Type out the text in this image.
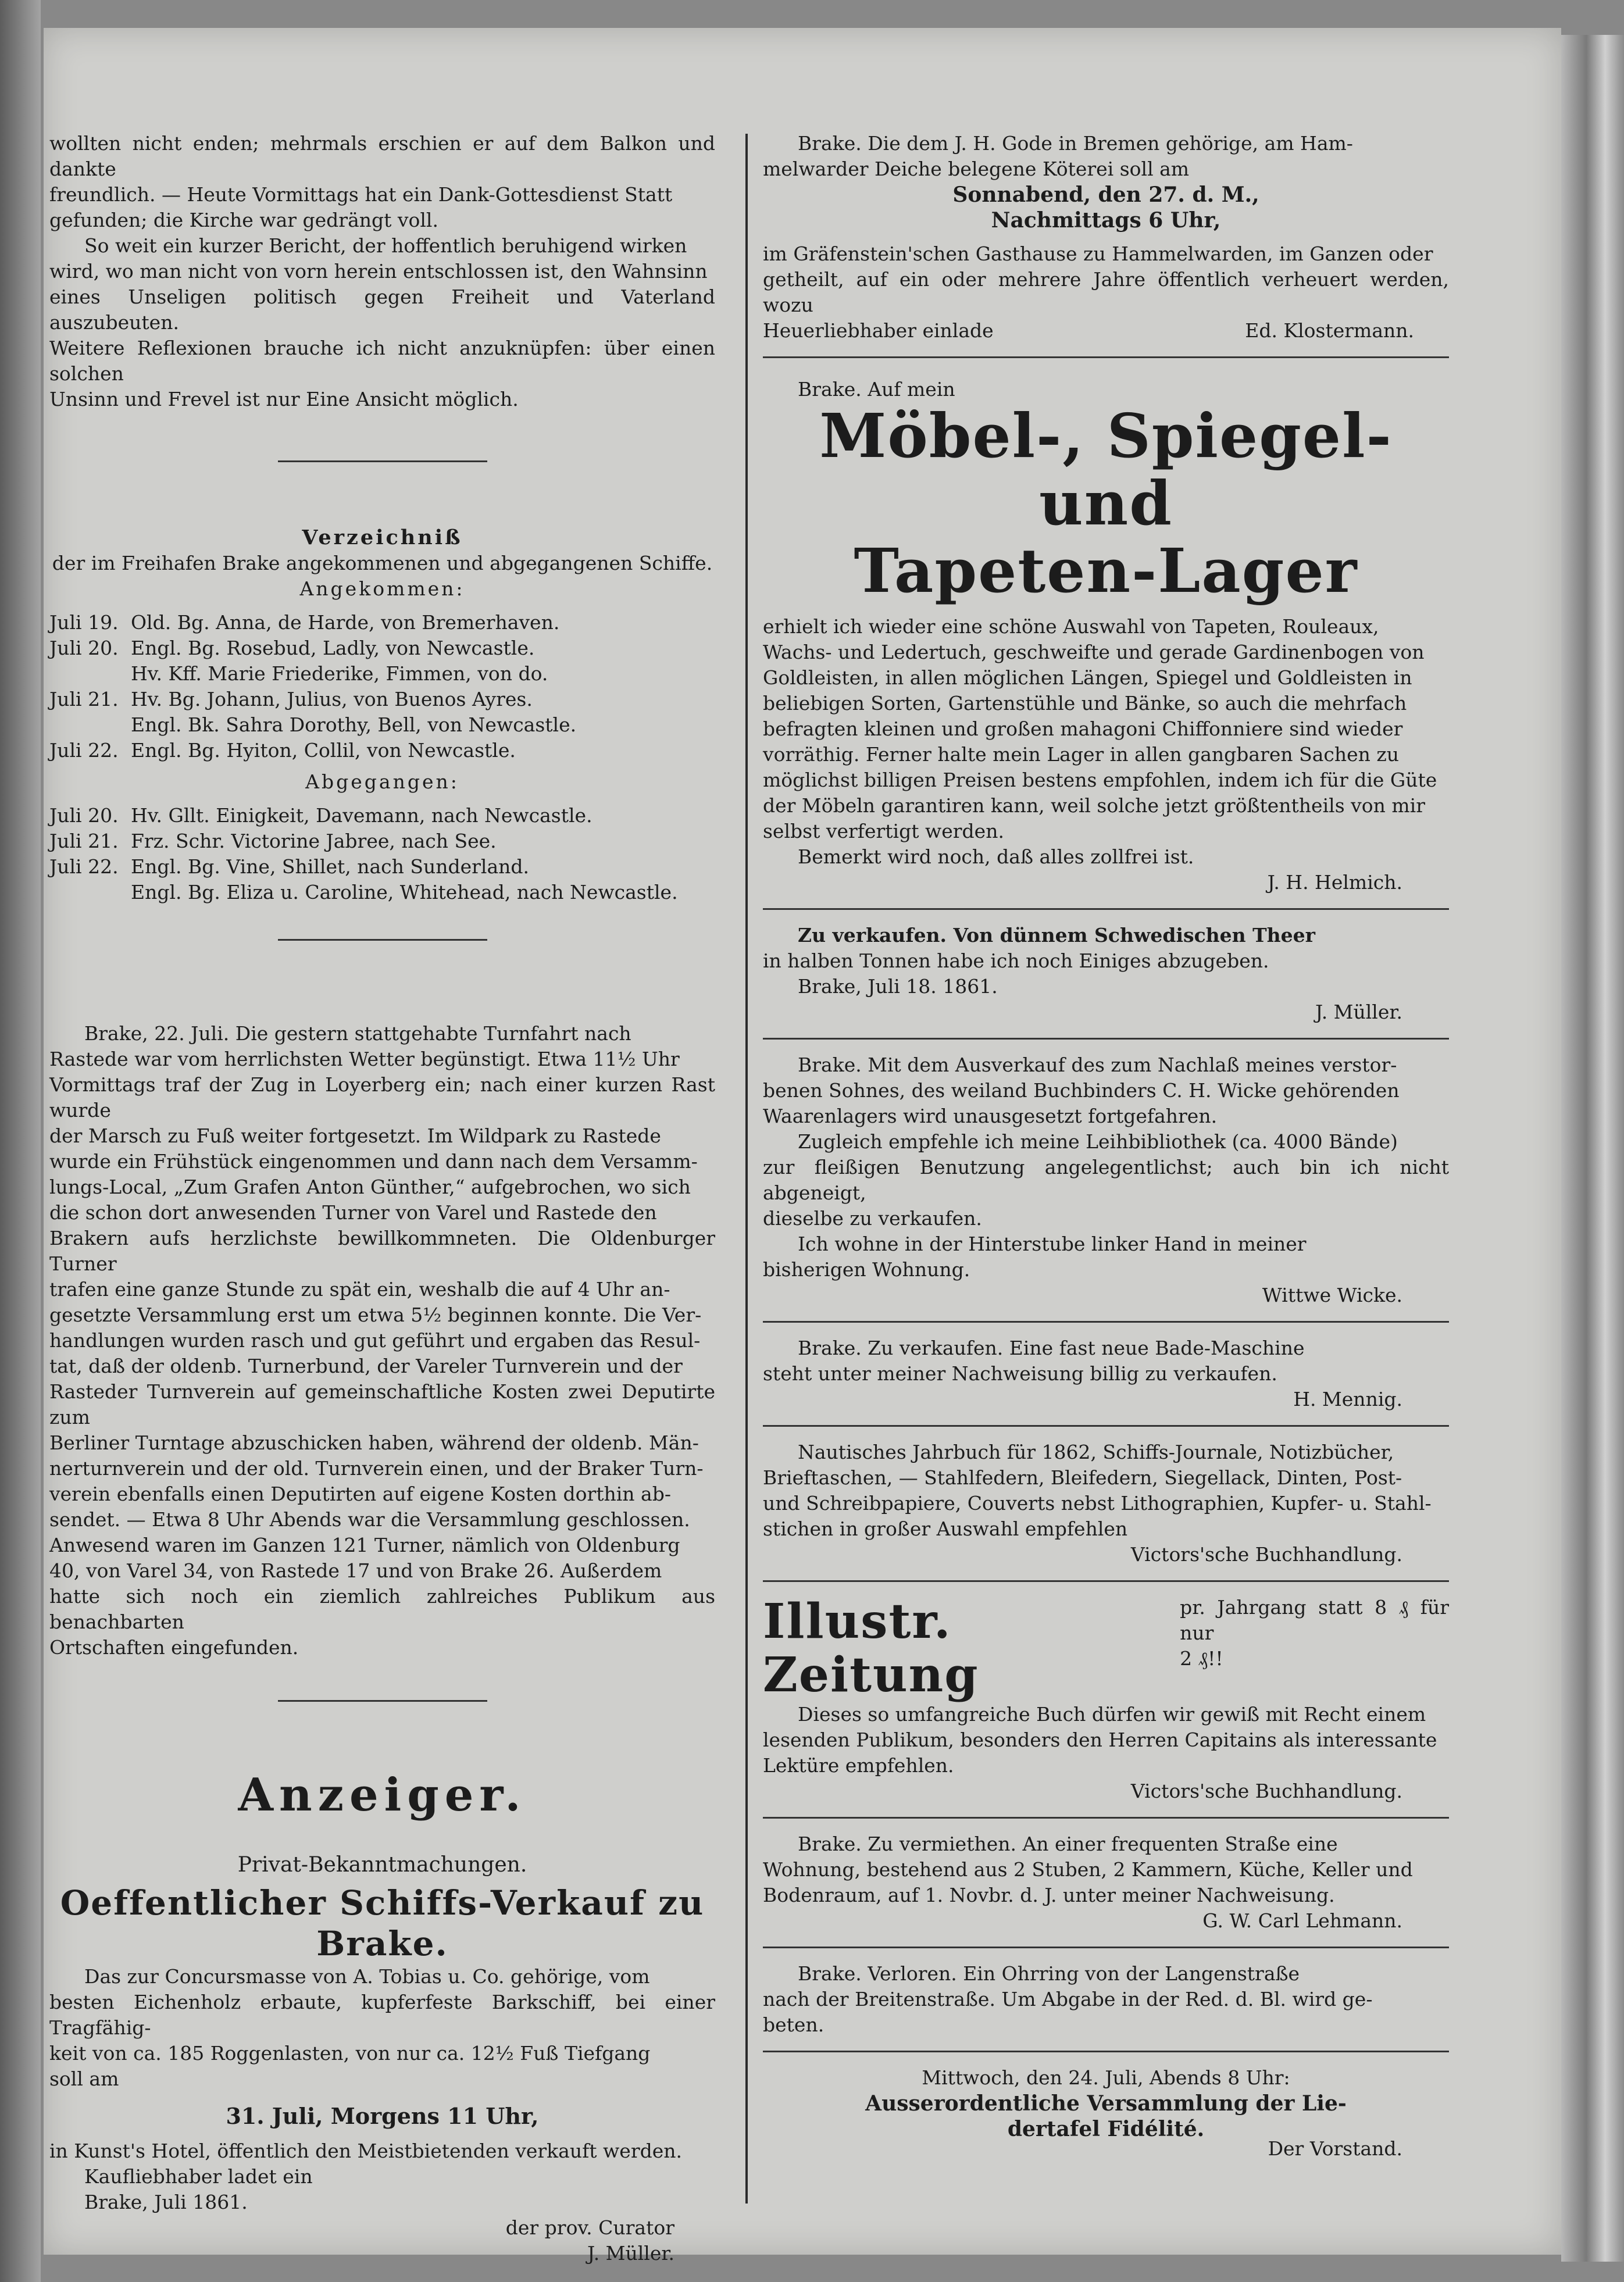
wollten nicht enden; mehrmals erschien er auf dem Balkon und dankte

freundlich. — Heute Vormittags hat ein Dank-Gottesdienst Statt

gefunden; die Kirche war gedrängt voll.

So weit ein kurzer Bericht, der hoffentlich beruhigend wirken

wird, wo man nicht von vorn herein entschlossen ist, den Wahnsinn

eines Unseligen politisch gegen Freiheit und Vaterland auszubeuten.

Weitere Reflexionen brauche ich nicht anzuknüpfen: über einen solchen

Unsinn und Frevel ist nur Eine Ansicht möglich.

Verzeichniß

der im Freihafen Brake angekommenen und abgegangenen Schiffe.

Angekommen:

Juli 19. Old. Bg. Anna, de Harde, von Bremerhaven.
Juli 20. Engl. Bg. Rosebud, Ladly, von Newcastle.
Hv. Kff. Marie Friederike, Fimmen, von do.
Juli 21. Hv. Bg. Johann, Julius, von Buenos Ayres.
Engl. Bk. Sahra Dorothy, Bell, von Newcastle.
Juli 22. Engl. Bg. Hyiton, Collil, von Newcastle.

Abgegangen:

Juli 20. Hv. Gllt. Einigkeit, Davemann, nach Newcastle.
Juli 21. Frz. Schr. Victorine Jabree, nach See.
Juli 22. Engl. Bg. Vine, Shillet, nach Sunderland.
Engl. Bg. Eliza u. Caroline, Whitehead, nach Newcastle.

Brake, 22. Juli. Die gestern stattgehabte Turnfahrt nach

Rastede war vom herrlichsten Wetter begünstigt. Etwa 11½ Uhr

Vormittags traf der Zug in Loyerberg ein; nach einer kurzen Rast wurde

der Marsch zu Fuß weiter fortgesetzt. Im Wildpark zu Rastede

wurde ein Frühstück eingenommen und dann nach dem Versamm-

lungs-Local, „Zum Grafen Anton Günther,“ aufgebrochen, wo sich

die schon dort anwesenden Turner von Varel und Rastede den

Brakern aufs herzlichste bewillkommneten. Die Oldenburger Turner

trafen eine ganze Stunde zu spät ein, weshalb die auf 4 Uhr an-

gesetzte Versammlung erst um etwa 5½ beginnen konnte. Die Ver-

handlungen wurden rasch und gut geführt und ergaben das Resul-

tat, daß der oldenb. Turnerbund, der Vareler Turnverein und der

Rasteder Turnverein auf gemeinschaftliche Kosten zwei Deputirte zum

Berliner Turntage abzuschicken haben, während der oldenb. Män-

nerturnverein und der old. Turnverein einen, und der Braker Turn-

verein ebenfalls einen Deputirten auf eigene Kosten dorthin ab-

sendet. — Etwa 8 Uhr Abends war die Versammlung geschlossen.

Anwesend waren im Ganzen 121 Turner, nämlich von Oldenburg

40, von Varel 34, von Rastede 17 und von Brake 26. Außerdem

hatte sich noch ein ziemlich zahlreiches Publikum aus benachbarten

Ortschaften eingefunden.

Anzeiger.

Privat-Bekanntmachungen.

Oeffentlicher Schiffs-Verkauf zu

Brake.

Das zur Concursmasse von A. Tobias u. Co. gehörige, vom

besten Eichenholz erbaute, kupferfeste Barkschiff, bei einer Tragfähig-

keit von ca. 185 Roggenlasten, von nur ca. 12½ Fuß Tiefgang

soll am

31. Juli, Morgens 11 Uhr,

in Kunst's Hotel, öffentlich den Meistbietenden verkauft werden.

Kaufliebhaber ladet ein

Brake, Juli 1861.

der prov. Curator

J. Müller.

Brake. Die dem J. H. Gode in Bremen gehörige, am Ham-

melwarder Deiche belegene Köterei soll am

Sonnabend, den 27. d. M.,

Nachmittags 6 Uhr,

im Gräfenstein'schen Gasthause zu Hammelwarden, im Ganzen oder

getheilt, auf ein oder mehrere Jahre öffentlich verheuert werden, wozu

Heuerliebhaber einlade	Ed. Klostermann.

Brake. Auf mein

Möbel-, Spiegel- und

Tapeten-Lager

erhielt ich wieder eine schöne Auswahl von Tapeten, Rouleaux,

Wachs- und Ledertuch, geschweifte und gerade Gardinenbogen von

Goldleisten, in allen möglichen Längen, Spiegel und Goldleisten in

beliebigen Sorten, Gartenstühle und Bänke, so auch die mehrfach

befragten kleinen und großen mahagoni Chiffonniere sind wieder

vorräthig. Ferner halte mein Lager in allen gangbaren Sachen zu

möglichst billigen Preisen bestens empfohlen, indem ich für die Güte

der Möbeln garantiren kann, weil solche jetzt größtentheils von mir

selbst verfertigt werden.

Bemerkt wird noch, daß alles zollfrei ist.

J. H. Helmich.

Zu verkaufen. Von dünnem Schwedischen Theer

in halben Tonnen habe ich noch Einiges abzugeben.

Brake, Juli 18. 1861.

J. Müller.

Brake. Mit dem Ausverkauf des zum Nachlaß meines verstor-

benen Sohnes, des weiland Buchbinders C. H. Wicke gehörenden

Waarenlagers wird unausgesetzt fortgefahren.

Zugleich empfehle ich meine Leihbibliothek (ca. 4000 Bände)

zur fleißigen Benutzung angelegentlichst; auch bin ich nicht abgeneigt,

dieselbe zu verkaufen.

Ich wohne in der Hinterstube linker Hand in meiner

bisherigen Wohnung.

Wittwe Wicke.

Brake. Zu verkaufen. Eine fast neue Bade-Maschine

steht unter meiner Nachweisung billig zu verkaufen.

H. Mennig.

Nautisches Jahrbuch für 1862, Schiffs-Journale, Notizbücher,

Brieftaschen, — Stahlfedern, Bleifedern, Siegellack, Dinten, Post-

und Schreibpapiere, Couverts nebst Lithographien, Kupfer- u. Stahl-

stichen in großer Auswahl empfehlen

Victors'sche Buchhandlung.

Illustr. Zeitung

pr. Jahrgang statt 8 ₰ für nur

2 ₰!!

Dieses so umfangreiche Buch dürfen wir gewiß mit Recht einem

lesenden Publikum, besonders den Herren Capitains als interessante

Lektüre empfehlen.

Victors'sche Buchhandlung.

Brake. Zu vermiethen. An einer frequenten Straße eine

Wohnung, bestehend aus 2 Stuben, 2 Kammern, Küche, Keller und

Bodenraum, auf 1. Novbr. d. J. unter meiner Nachweisung.

G. W. Carl Lehmann.

Brake. Verloren. Ein Ohrring von der Langenstraße

nach der Breitenstraße. Um Abgabe in der Red. d. Bl. wird ge-

beten.

Mittwoch, den 24. Juli, Abends 8 Uhr:

Ausserordentliche Versammlung der Lie-

dertafel Fidélité.

Der Vorstand.
